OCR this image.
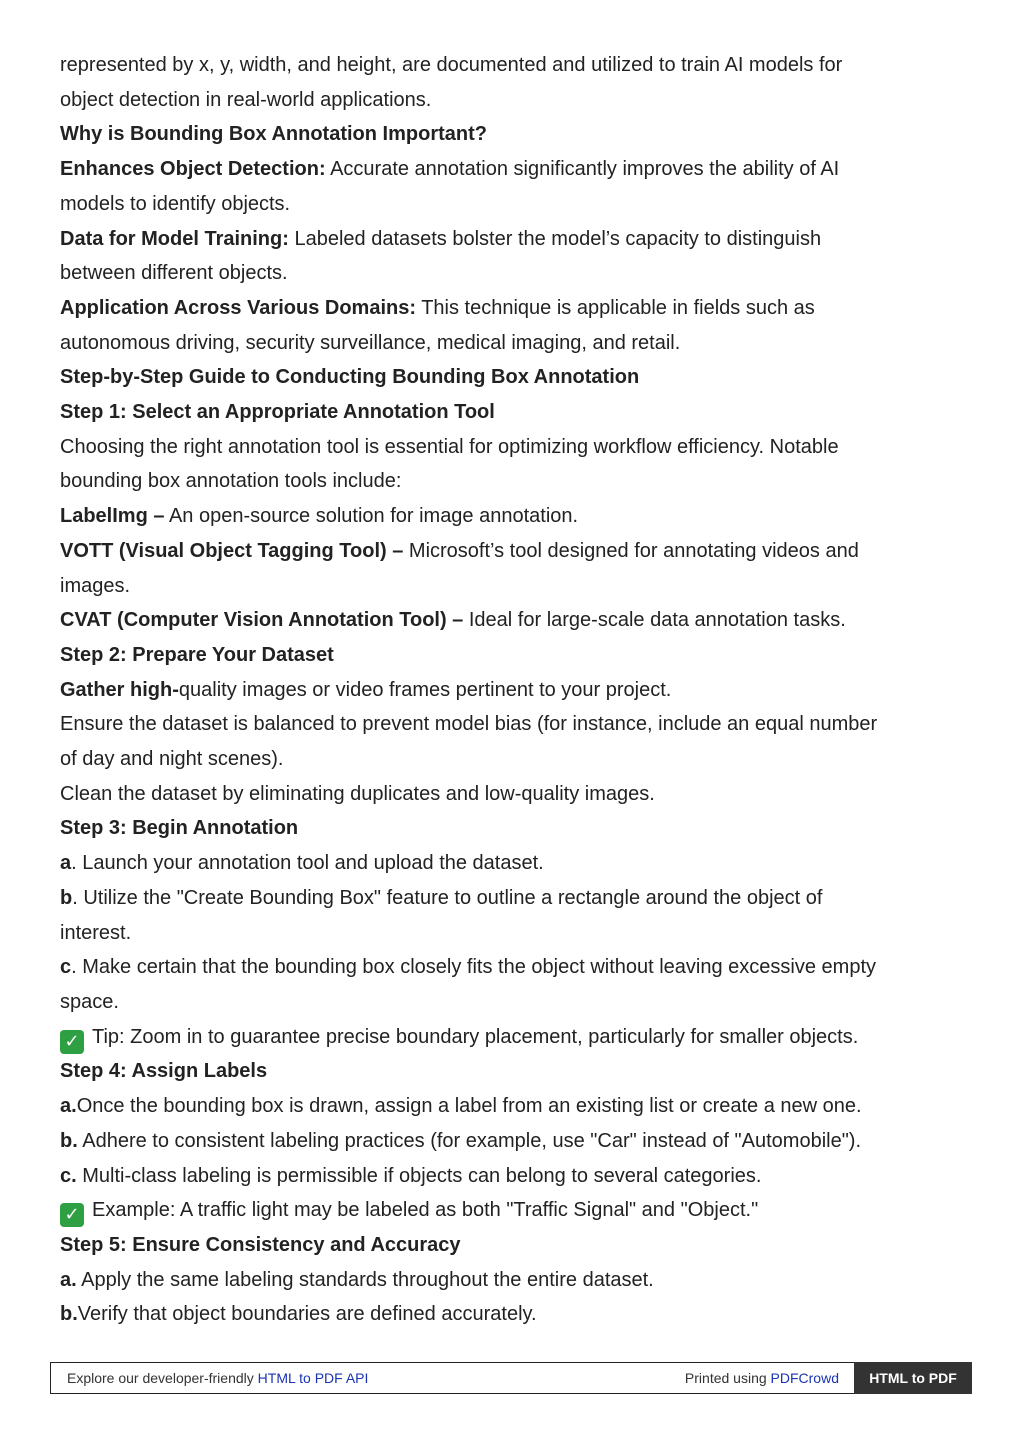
represented by x, y, width, and height, are documented and utilized to train AI models for

object detection in real-world applications.

Why is Bounding Box Annotation Important?

Enhances Object Detection: Accurate annotation significantly improves the ability of AI

models to identify objects.

Data for Model Training: Labeled datasets bolster the model’s capacity to distinguish

between different objects.

Application Across Various Domains: This technique is applicable in fields such as

autonomous driving, security surveillance, medical imaging, and retail.

Step-by-Step Guide to Conducting Bounding Box Annotation

Step 1: Select an Appropriate Annotation Tool

Choosing the right annotation tool is essential for optimizing workflow efficiency. Notable

bounding box annotation tools include:

LabelImg – An open-source solution for image annotation.

VOTT (Visual Object Tagging Tool) – Microsoft’s tool designed for annotating videos and

images.

CVAT (Computer Vision Annotation Tool) – Ideal for large-scale data annotation tasks.

Step 2: Prepare Your Dataset

Gather high-quality images or video frames pertinent to your project.

Ensure the dataset is balanced to prevent model bias (for instance, include an equal number

of day and night scenes).

Clean the dataset by eliminating duplicates and low-quality images.

Step 3: Begin Annotation

a. Launch your annotation tool and upload the dataset.

b. Utilize the "Create Bounding Box" feature to outline a rectangle around the object of

interest.

c. Make certain that the bounding box closely fits the object without leaving excessive empty

space.

✓ Tip: Zoom in to guarantee precise boundary placement, particularly for smaller objects.

Step 4: Assign Labels

a.Once the bounding box is drawn, assign a label from an existing list or create a new one.

b. Adhere to consistent labeling practices (for example, use "Car" instead of "Automobile").

c. Multi-class labeling is permissible if objects can belong to several categories.

✓ Example: A traffic light may be labeled as both "Traffic Signal" and "Object."

Step 5: Ensure Consistency and Accuracy

a. Apply the same labeling standards throughout the entire dataset.

b.Verify that object boundaries are defined accurately.

Explore our developer-friendly HTML to PDF API	Printed using PDFCrowd	HTML to PDF
